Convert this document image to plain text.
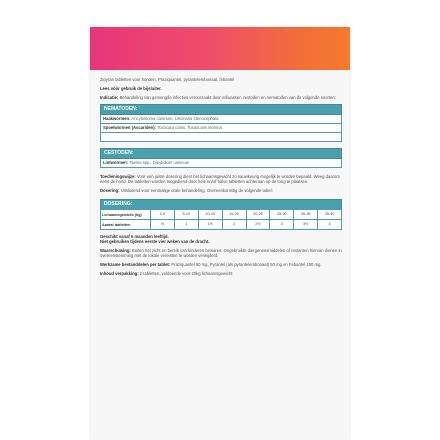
Zipyran tabletten voor honden, Praziquantel, pyrantelembonaat, febantel
Lees vóór gebruik de bijsluiter.
Indicatie: Behandeling van gemengde infecties veroorzaakt door volwassen cestoden en nematoden van de volgende soorten:
NEMATODEN:
Haakwormen: Ancylostoma caninum, Uncinaria stenocephala
Spoelwormen (Ascariden): Toxocara canis, Toxascaris leonina
CESTODEN:
Lintwormen: Taenia spp., Dipylidium caninum
Toedieningswijze: Voor een juiste dosering dient het lichaamsgewicht zo nauwkeurig mogelijk te worden bepaald. Weeg daarom eerst de hond. De tabletten worden toegediend door hele en/of halve tabletten achteraan op de tong te plaatsen.
Dosering: Uitsluitend voor eenmalige orale behandeling. Overeenkomstig de volgende tabel:
DOSERING:
Lichaamsgewicht (kg)	2-5	5-10	10-15	15-20	20-25	25-30	30-35	35-40
Aantal tabletten	½	1	1½	2	2½	3	3½	4
Geschikt vanaf 5 maanden leeftijd.
Niet gebruiken tijdens eerste vier weken van de dracht.
Waarschuwing: Buiten het zicht en bereik van kinderen bewaren. Ongebruikte diergeneesmiddelen of restanten hiervan dienen in overeenstemming met de lokale vereisten te worden verwijderd.
Werkzame bestanddelen per tablet: Praziquantel 50 mg, Pyrantel (als pyrantelembonaat) 50 mg en Febantel 150 mg.
Inhoud verpakking: 2 tabletten, voldoende voor 20kg lichaamsgewicht
